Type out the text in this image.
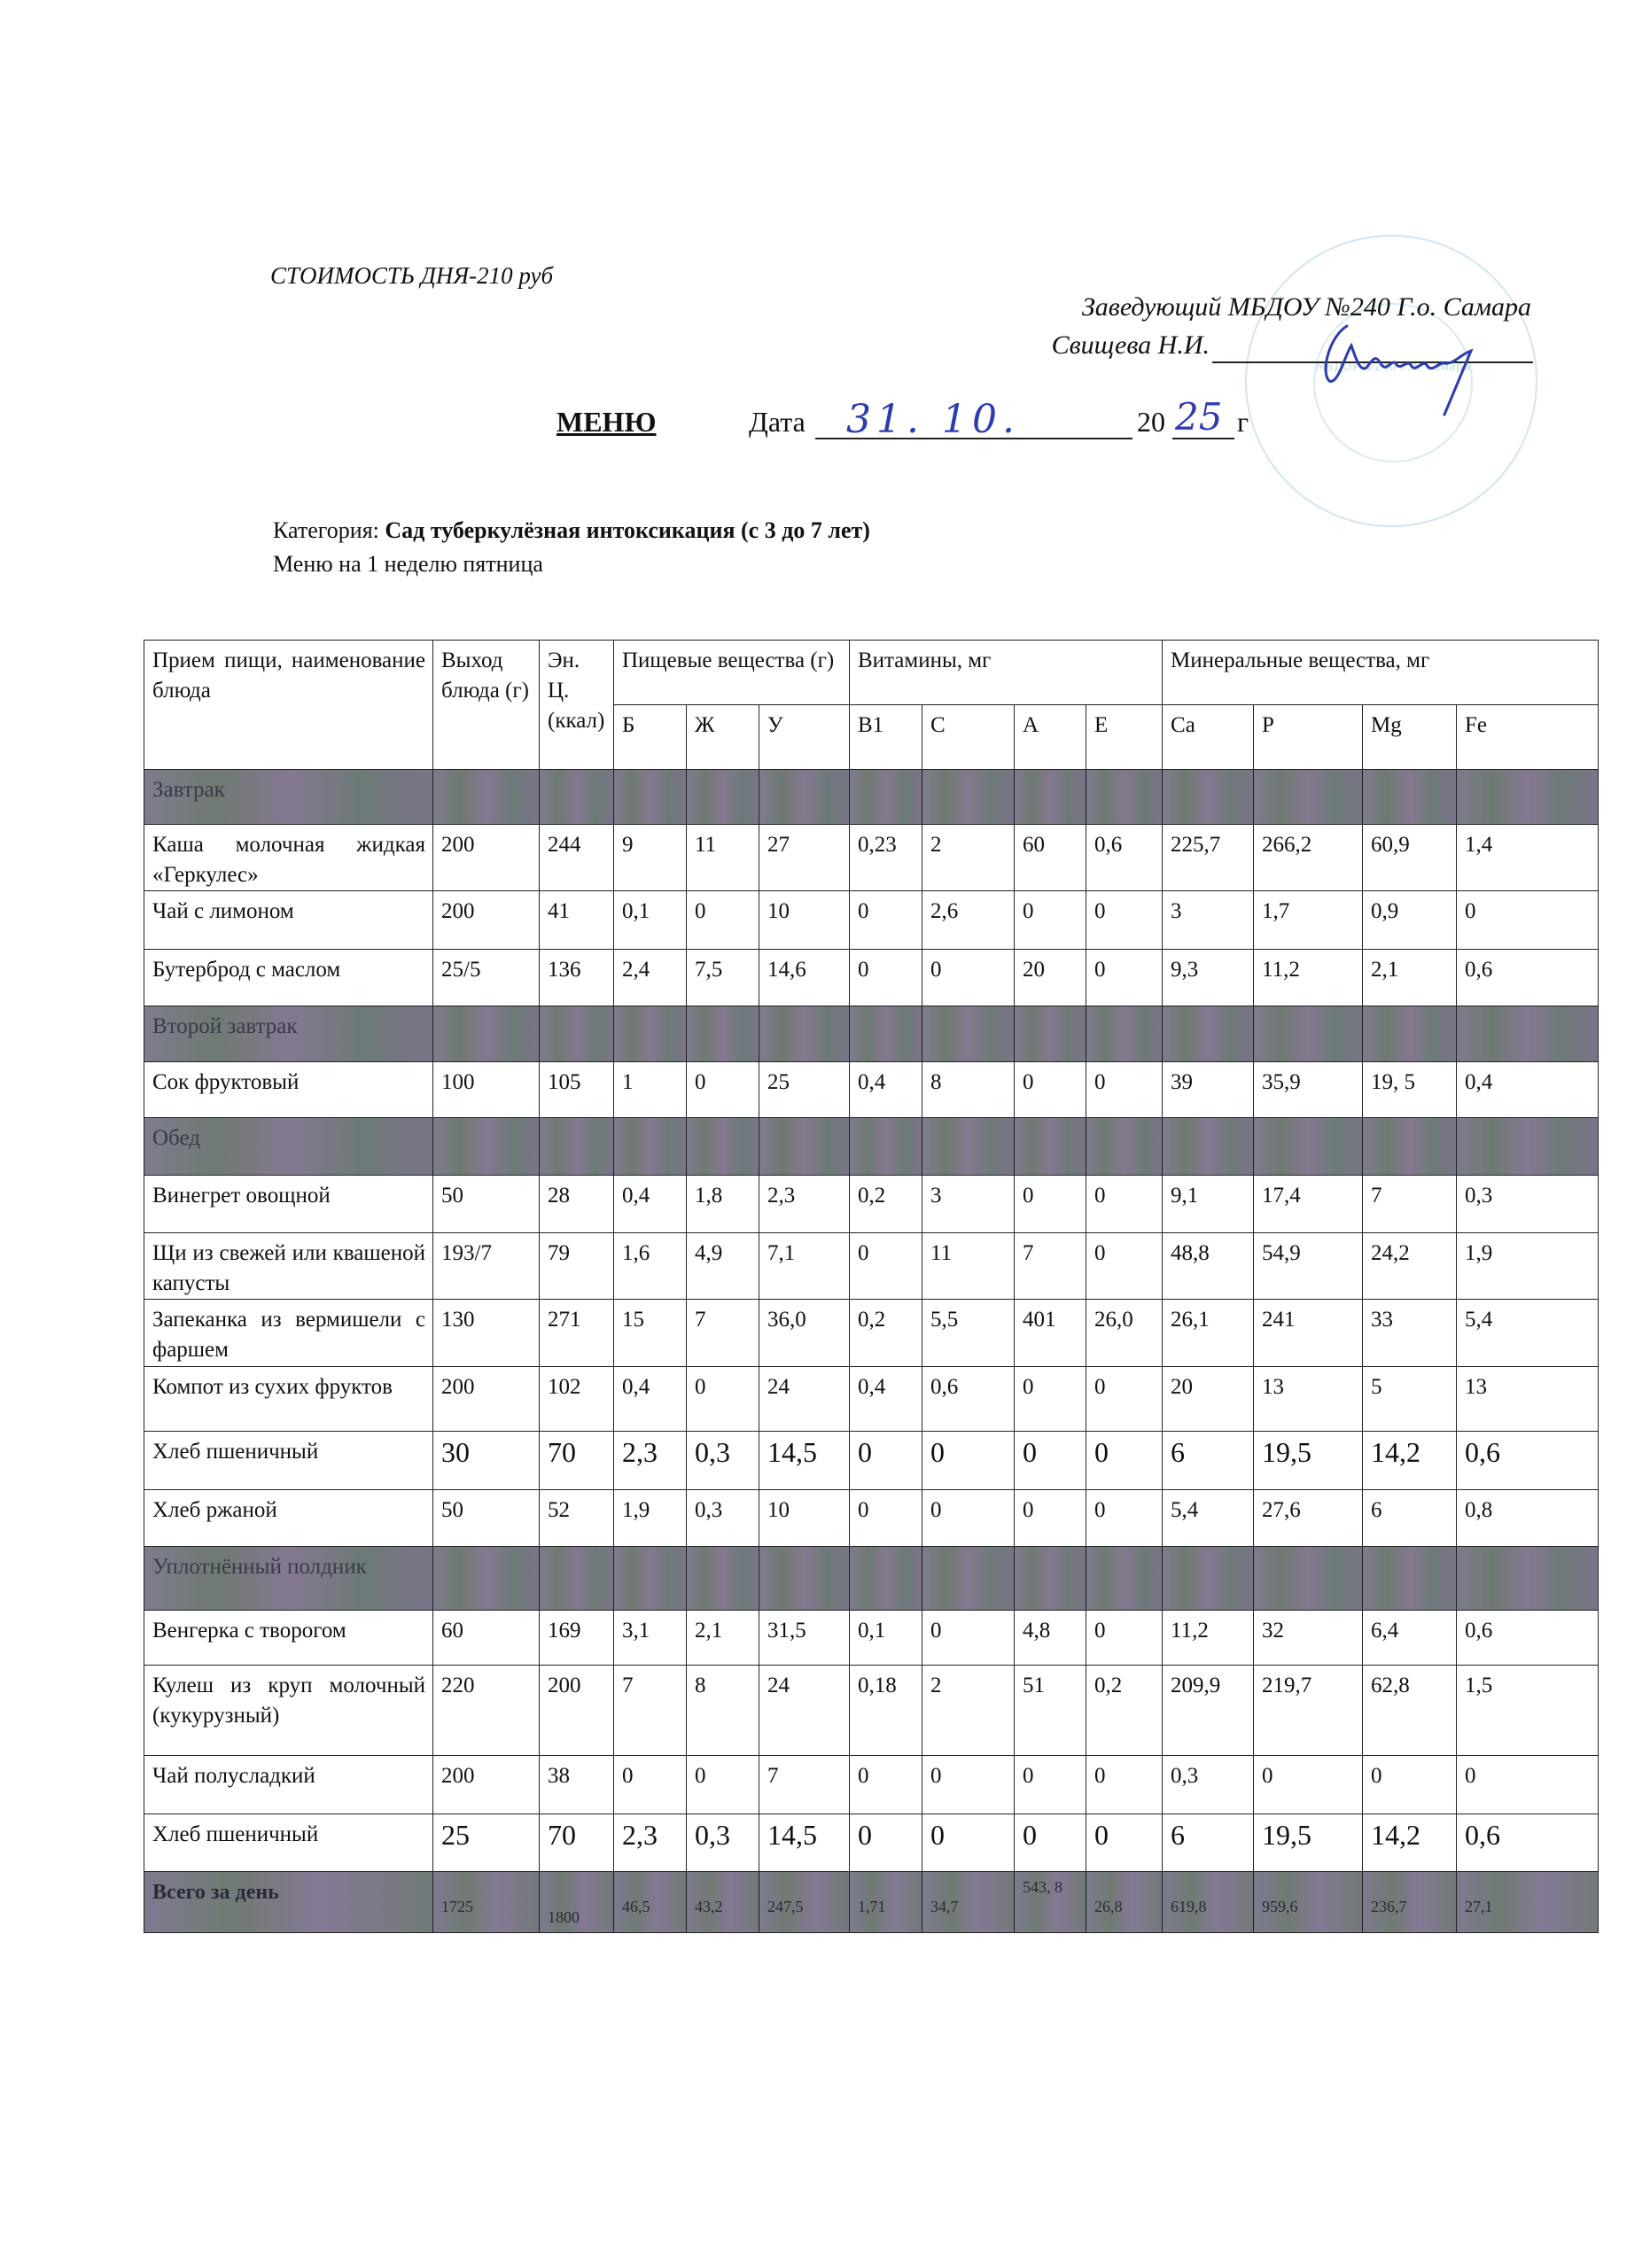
СТОИМОСТЬ ДНЯ-210 руб
МБДОУ №240 Г.о. Самара
Заведующий МБДОУ №240 Г.о. Самара
Свищева Н.И.
МЕНЮ	Дата 31. 10.	20 25 г
Категория: Сад туберкулёзная интоксикация (с 3 до 7 лет)
Меню на 1 неделю пятница
Прием пищи, наименование блюда	Выход блюда (г)	Эн. Ц. (ккал)	Пищевые вещества (г)			Витамины, мг				Минеральные вещества, мг			
			Б	Ж	У	В1	С	А	Е	Ca	P	Mg	Fe
Завтрак													
Каша молочная жидкая «Геркулес»	200	244	9	11	27	0,23	2	60	0,6	225,7	266,2	60,9	1,4
Чай с лимоном	200	41	0,1	0	10	0	2,6	0	0	3	1,7	0,9	0
Бутерброд с маслом	25/5	136	2,4	7,5	14,6	0	0	20	0	9,3	11,2	2,1	0,6
Второй завтрак													
Сок фруктовый	100	105	1	0	25	0,4	8	0	0	39	35,9	19, 5	0,4
Обед													
Винегрет овощной	50	28	0,4	1,8	2,3	0,2	3	0	0	9,1	17,4	7	0,3
Щи из свежей или квашеной капусты	193/7	79	1,6	4,9	7,1	0	11	7	0	48,8	54,9	24,2	1,9
Запеканка из вермишели с фаршем	130	271	15	7	36,0	0,2	5,5	401	26,0	26,1	241	33	5,4
Компот из сухих фруктов	200	102	0,4	0	24	0,4	0,6	0	0	20	13	5	13
Хлеб пшеничный	30	70	2,3	0,3	14,5	0	0	0	0	6	19,5	14,2	0,6
Хлеб ржаной	50	52	1,9	0,3	10	0	0	0	0	5,4	27,6	6	0,8
Уплотнённый полдник													
Венгерка с творогом	60	169	3,1	2,1	31,5	0,1	0	4,8	0	11,2	32	6,4	0,6
Кулеш из круп молочный (кукурузный)	220	200	7	8	24	0,18	2	51	0,2	209,9	219,7	62,8	1,5
Чай полусладкий	200	38	0	0	7	0	0	0	0	0,3	0	0	0
Хлеб пшеничный	25	70	2,3	0,3	14,5	0	0	0	0	6	19,5	14,2	0,6
Всего за день	1725	1800	46,5	43,2	247,5	1,71	34,7	543, 8	26,8	619,8	959,6	236,7	27,1
